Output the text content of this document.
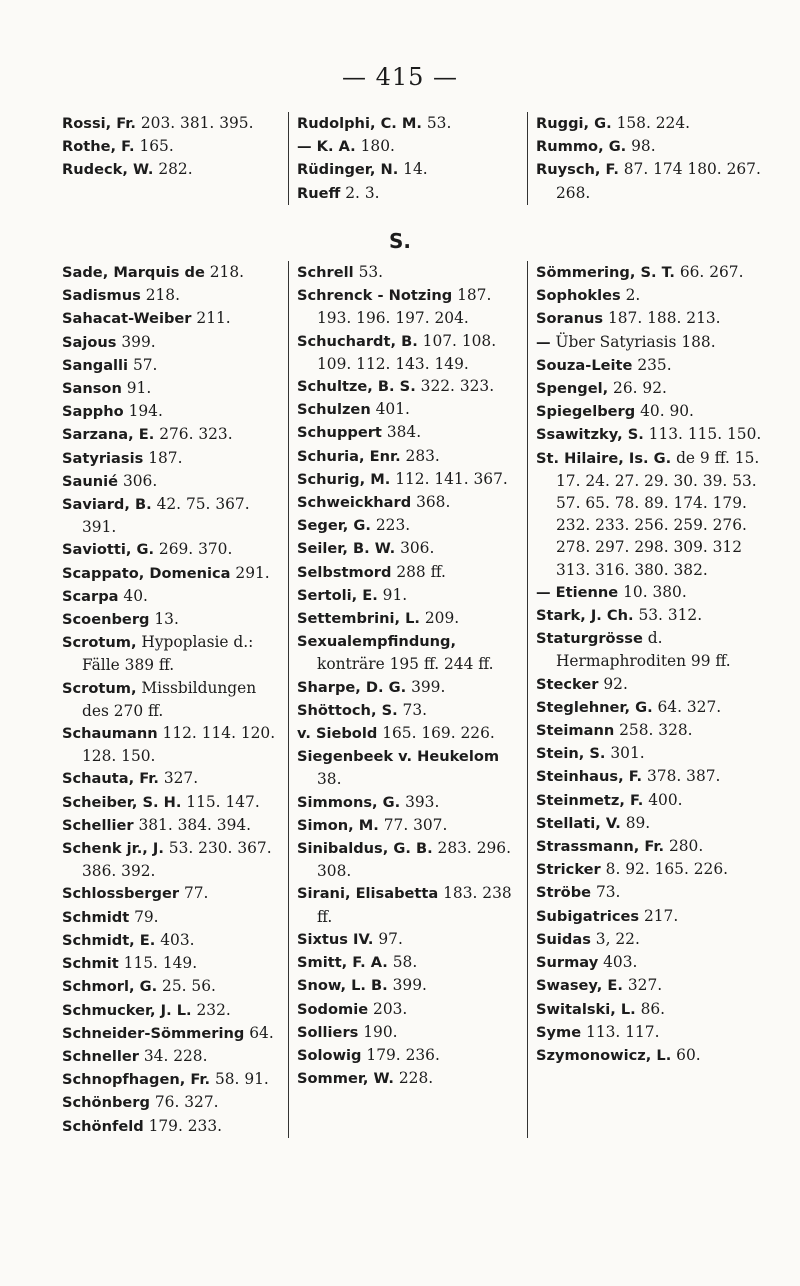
— 415 —
Rossi, Fr. 203. 381. 395.
Rothe, F. 165.
Rudeck, W. 282.
Rudolphi, C. M. 53.
— K. A. 180.
Rüdinger, N. 14.
Rueff 2. 3.
Ruggi, G. 158. 224.
Rummo, G. 98.
Ruysch, F. 87. 174 180. 267. 268.
S.
Sade, Marquis de 218.
Sadismus 218.
Sahacat-Weiber 211.
Sajous 399.
Sangalli 57.
Sanson 91.
Sappho 194.
Sarzana, E. 276. 323.
Satyriasis 187.
Saunié 306.
Saviard, B. 42. 75. 367. 391.
Saviotti, G. 269. 370.
Scappato, Domenica 291.
Scarpa 40.
Scoenberg 13.
Scrotum, Hypoplasie d.: Fälle 389 ff.
Scrotum, Missbildungen des 270 ff.
Schaumann 112. 114. 120. 128. 150.
Schauta, Fr. 327.
Scheiber, S. H. 115. 147.
Schellier 381. 384. 394.
Schenk jr., J. 53. 230. 367. 386. 392.
Schlossberger 77.
Schmidt 79.
Schmidt, E. 403.
Schmit 115. 149.
Schmorl, G. 25. 56.
Schmucker, J. L. 232.
Schneider-Sömmering 64.
Schneller 34. 228.
Schnopfhagen, Fr. 58. 91.
Schönberg 76. 327.
Schönfeld 179. 233.
Schrell 53.
Schrenck - Notzing 187. 193. 196. 197. 204.
Schuchardt, B. 107. 108. 109. 112. 143. 149.
Schultze, B. S. 322. 323.
Schulzen 401.
Schuppert 384.
Schuria, Enr. 283.
Schurig, M. 112. 141. 367.
Schweickhard 368.
Seger, G. 223.
Seiler, B. W. 306.
Selbstmord 288 ff.
Sertoli, E. 91.
Settembrini, L. 209.
Sexualempfindung, konträre 195 ff. 244 ff.
Sharpe, D. G. 399.
Shöttoch, S. 73.
v. Siebold 165. 169. 226.
Siegenbeek v. Heukelom 38.
Simmons, G. 393.
Simon, M. 77. 307.
Sinibaldus, G. B. 283. 296. 308.
Sirani, Elisabetta 183. 238 ff.
Sixtus IV. 97.
Smitt, F. A. 58.
Snow, L. B. 399.
Sodomie 203.
Solliers 190.
Solowig 179. 236.
Sommer, W. 228.
Sömmering, S. T. 66. 267.
Sophokles 2.
Soranus 187. 188. 213.
— Über Satyriasis 188.
Souza-Leite 235.
Spengel, 26. 92.
Spiegelberg 40. 90.
Ssawitzky, S. 113. 115. 150.
St. Hilaire, Is. G. de 9 ff. 15. 17. 24. 27. 29. 30. 39. 53. 57. 65. 78. 89. 174. 179. 232. 233. 256. 259. 276. 278. 297. 298. 309. 312 313. 316. 380. 382.
— Etienne 10. 380.
Stark, J. Ch. 53. 312.
Staturgrösse d. Hermaphroditen 99 ff.
Stecker 92.
Steglehner, G. 64. 327.
Steimann 258. 328.
Stein, S. 301.
Steinhaus, F. 378. 387.
Steinmetz, F. 400.
Stellati, V. 89.
Strassmann, Fr. 280.
Stricker 8. 92. 165. 226.
Ströbe 73.
Subigatrices 217.
Suidas 3, 22.
Surmay 403.
Swasey, E. 327.
Switalski, L. 86.
Syme 113. 117.
Szymonowicz, L. 60.
